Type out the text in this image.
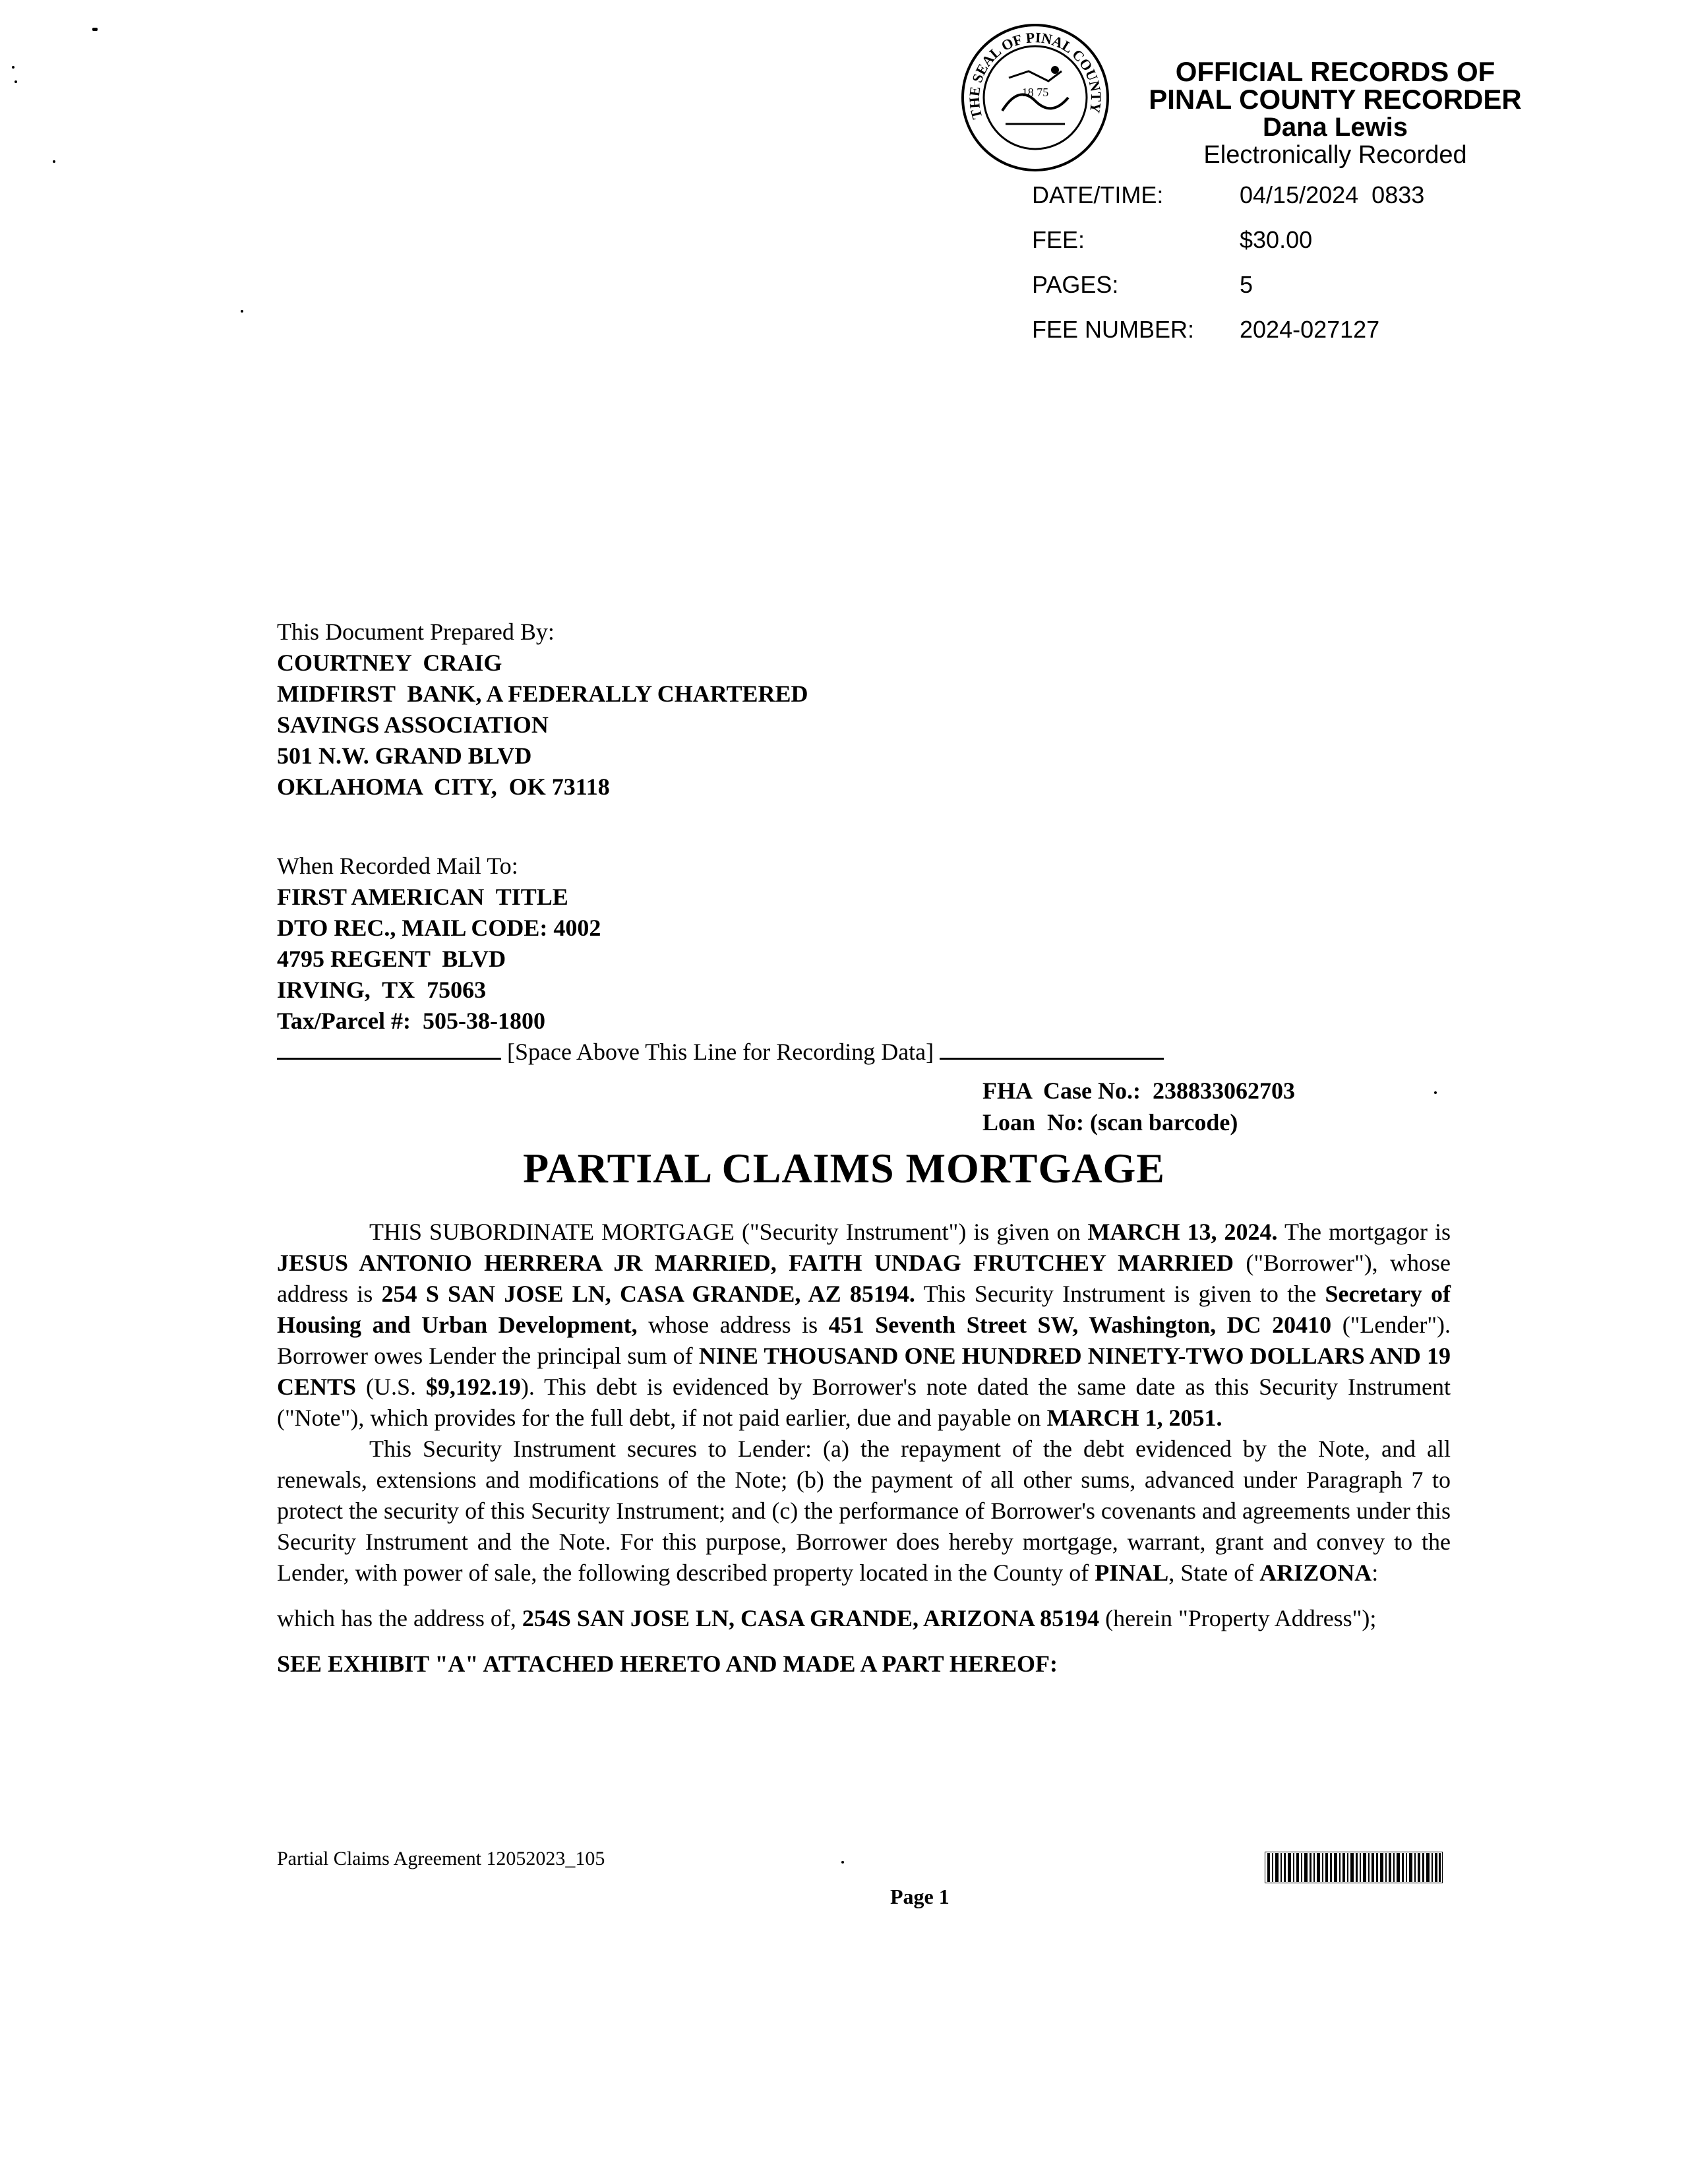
THE SEAL OF PINAL COUNTY
18 75
OFFICIAL RECORDS OF
PINAL COUNTY RECORDER
Dana Lewis
Electronically Recorded
DATE/TIME:	04/15/2024  0833
FEE:	$30.00
PAGES:	5
FEE NUMBER:	2024-027127
This Document Prepared By:
COURTNEY  CRAIG
MIDFIRST  BANK, A FEDERALLY CHARTERED
SAVINGS ASSOCIATION
501 N.W. GRAND BLVD
OKLAHOMA  CITY,  OK 73118
When Recorded Mail To:
FIRST AMERICAN  TITLE
DTO REC., MAIL CODE: 4002
4795 REGENT  BLVD
IRVING,  TX  75063
Tax/Parcel #:  505-38-1800
[Space Above This Line for Recording Data]
FHA  Case No.:  238833062703
Loan  No: (scan barcode)
PARTIAL CLAIMS MORTGAGE

THIS SUBORDINATE MORTGAGE ("Security Instrument") is given on MARCH 13, 2024. The mortgagor is JESUS ANTONIO HERRERA JR MARRIED, FAITH UNDAG FRUTCHEY MARRIED ("Borrower"), whose address is 254 S SAN JOSE LN, CASA GRANDE, AZ 85194. This Security Instrument is given to the Secretary of Housing and Urban Development, whose address is 451 Seventh Street SW, Washington, DC 20410 ("Lender"). Borrower owes Lender the principal sum of NINE THOUSAND ONE HUNDRED NINETY-TWO DOLLARS AND 19 CENTS (U.S. $9,192.19). This debt is evidenced by Borrower's note dated the same date as this Security Instrument ("Note"), which provides for the full debt, if not paid earlier, due and payable on MARCH 1, 2051.

This Security Instrument secures to Lender: (a) the repayment of the debt evidenced by the Note, and all renewals, extensions and modifications of the Note; (b) the payment of all other sums, advanced under Paragraph 7 to protect the security of this Security Instrument; and (c) the performance of Borrower's covenants and agreements under this Security Instrument and the Note. For this purpose, Borrower does hereby mortgage, warrant, grant and convey to the Lender, with power of sale, the following described property located in the County of PINAL, State of ARIZONA:

which has the address of, 254S SAN JOSE LN, CASA GRANDE, ARIZONA 85194 (herein "Property Address");

SEE EXHIBIT "A" ATTACHED HERETO AND MADE A PART HEREOF:

Partial Claims Agreement 12052023_105
Page 1
